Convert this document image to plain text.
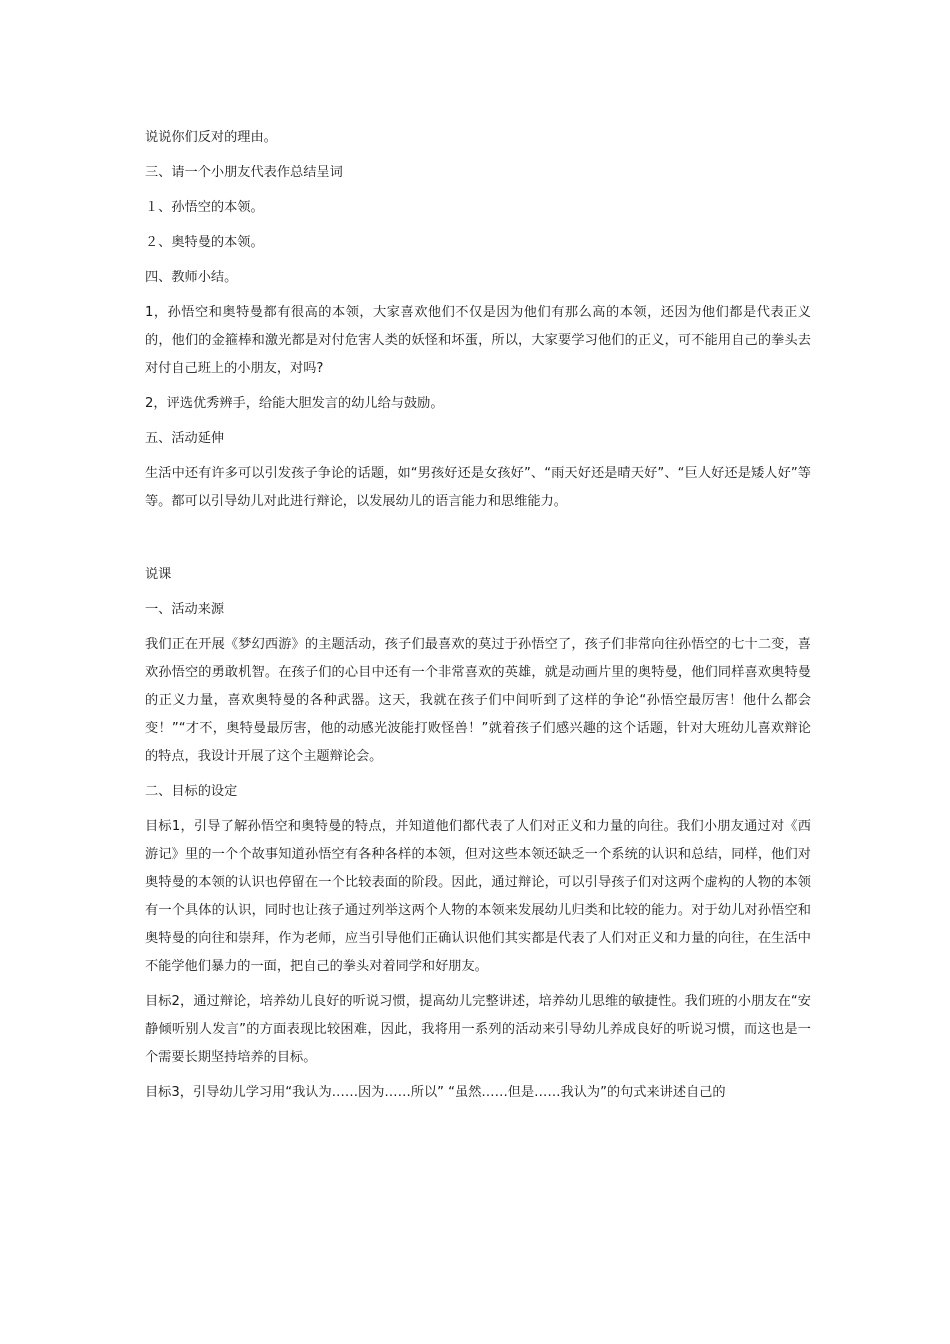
说说你们反对的理由。

三、请一个小朋友代表作总结呈词

１、孙悟空的本领。

２、奥特曼的本领。

四、教师小结。

1，孙悟空和奥特曼都有很高的本领，大家喜欢他们不仅是因为他们有那么高的本领，还因为他们都是代表正义的，他们的金箍棒和激光都是对付危害人类的妖怪和坏蛋，所以，大家要学习他们的正义，可不能用自己的拳头去对付自己班上的小朋友，对吗?

2，评选优秀辨手，给能大胆发言的幼儿给与鼓励。

五、活动延伸

生活中还有许多可以引发孩子争论的话题，如“男孩好还是女孩好”、“雨天好还是晴天好”、“巨人好还是矮人好”等等。都可以引导幼儿对此进行辩论，以发展幼儿的语言能力和思维能力。

说课

一、活动来源

我们正在开展《梦幻西游》的主题活动，孩子们最喜欢的莫过于孙悟空了，孩子们非常向往孙悟空的七十二变，喜欢孙悟空的勇敢机智。在孩子们的心目中还有一个非常喜欢的英雄，就是动画片里的奥特曼，他们同样喜欢奥特曼的正义力量，喜欢奥特曼的各种武器。这天，我就在孩子们中间听到了这样的争论“孙悟空最厉害！他什么都会变！”“才不，奥特曼最厉害，他的动感光波能打败怪兽！”就着孩子们感兴趣的这个话题，针对大班幼儿喜欢辩论的特点，我设计开展了这个主题辩论会。

二、目标的设定

目标1，引导了解孙悟空和奥特曼的特点，并知道他们都代表了人们对正义和力量的向往。我们小朋友通过对《西游记》里的一个个故事知道孙悟空有各种各样的本领，但对这些本领还缺乏一个系统的认识和总结，同样，他们对奥特曼的本领的认识也停留在一个比较表面的阶段。因此，通过辩论，可以引导孩子们对这两个虚构的人物的本领有一个具体的认识，同时也让孩子通过列举这两个人物的本领来发展幼儿归类和比较的能力。对于幼儿对孙悟空和奥特曼的向往和崇拜，作为老师，应当引导他们正确认识他们其实都是代表了人们对正义和力量的向往，在生活中不能学他们暴力的一面，把自己的拳头对着同学和好朋友。

目标2，通过辩论，培养幼儿良好的听说习惯，提高幼儿完整讲述，培养幼儿思维的敏捷性。我们班的小朋友在“安静倾听别人发言”的方面表现比较困难，因此，我将用一系列的活动来引导幼儿养成良好的听说习惯，而这也是一个需要长期坚持培养的目标。

目标3，引导幼儿学习用“我认为……因为……所以” “虽然……但是……我认为”的句式来讲述自己的
